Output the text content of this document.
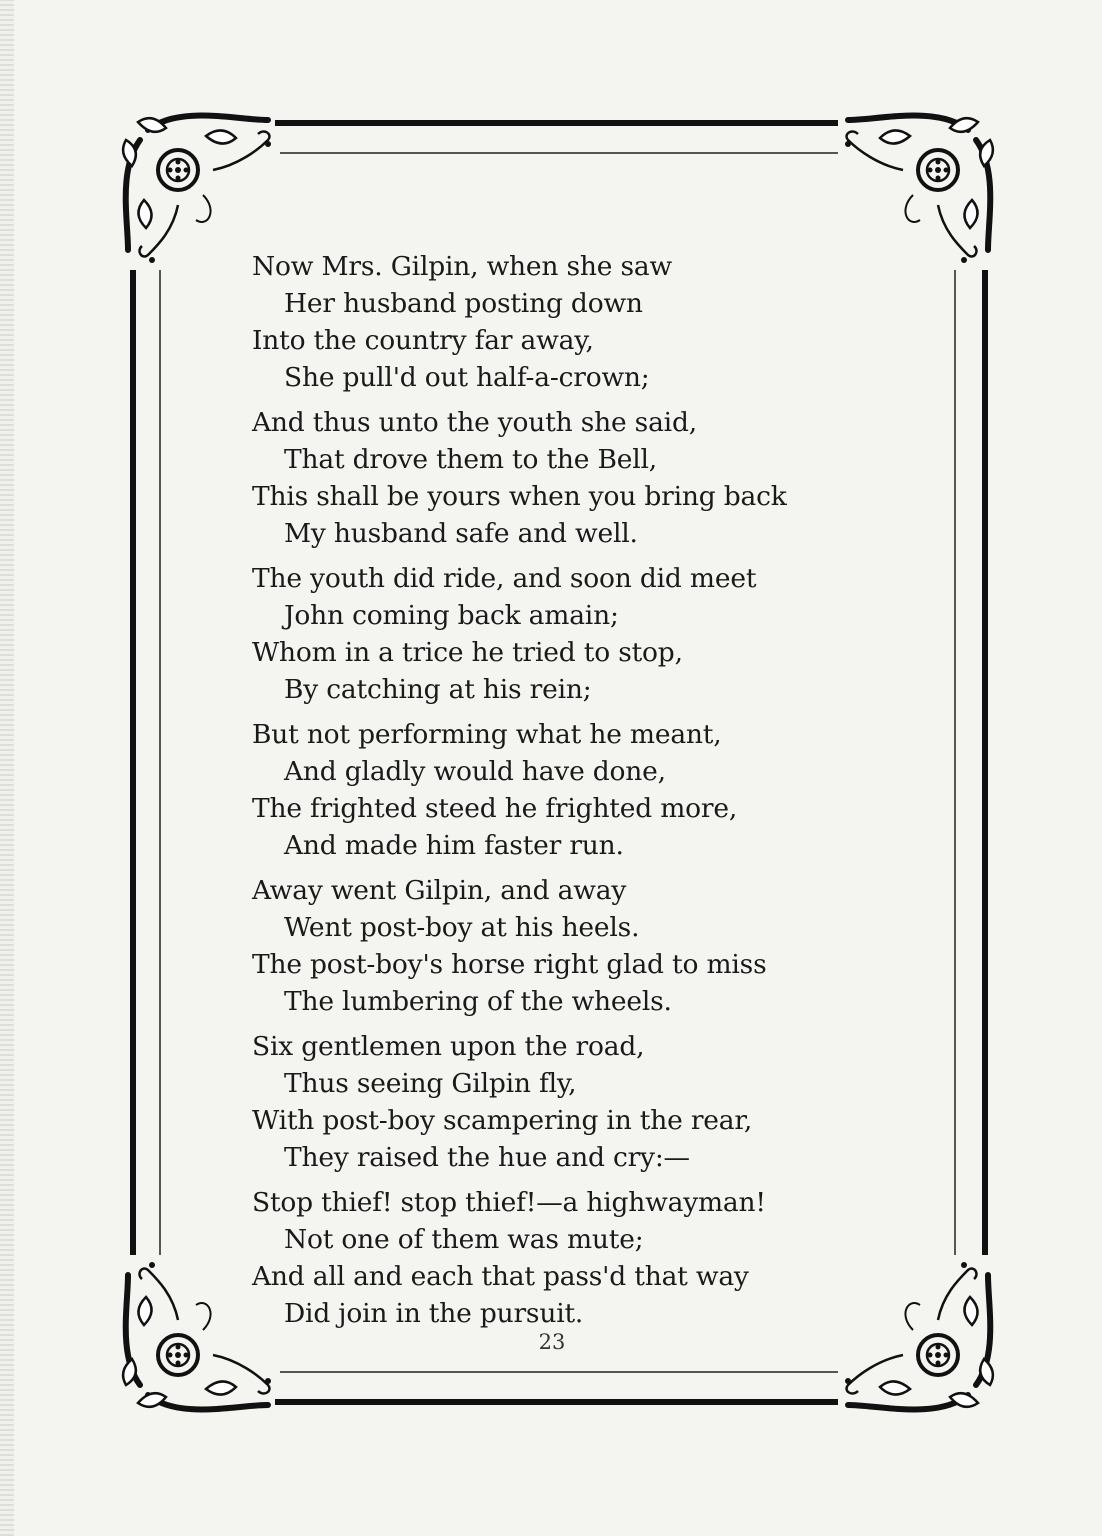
Now Mrs. Gilpin, when she saw
Her husband posting down
Into the country far away,
She pull'd out half-a-crown;
And thus unto the youth she said,
That drove them to the Bell,
This shall be yours when you bring back
My husband safe and well.
The youth did ride, and soon did meet
John coming back amain;
Whom in a trice he tried to stop,
By catching at his rein;
But not performing what he meant,
And gladly would have done,
The frighted steed he frighted more,
And made him faster run.
Away went Gilpin, and away
Went post-boy at his heels.
The post-boy's horse right glad to miss
The lumbering of the wheels.
Six gentlemen upon the road,
Thus seeing Gilpin fly,
With post-boy scampering in the rear,
They raised the hue and cry:—
Stop thief! stop thief!—a highwayman!
Not one of them was mute;
And all and each that pass'd that way
Did join in the pursuit.
23
